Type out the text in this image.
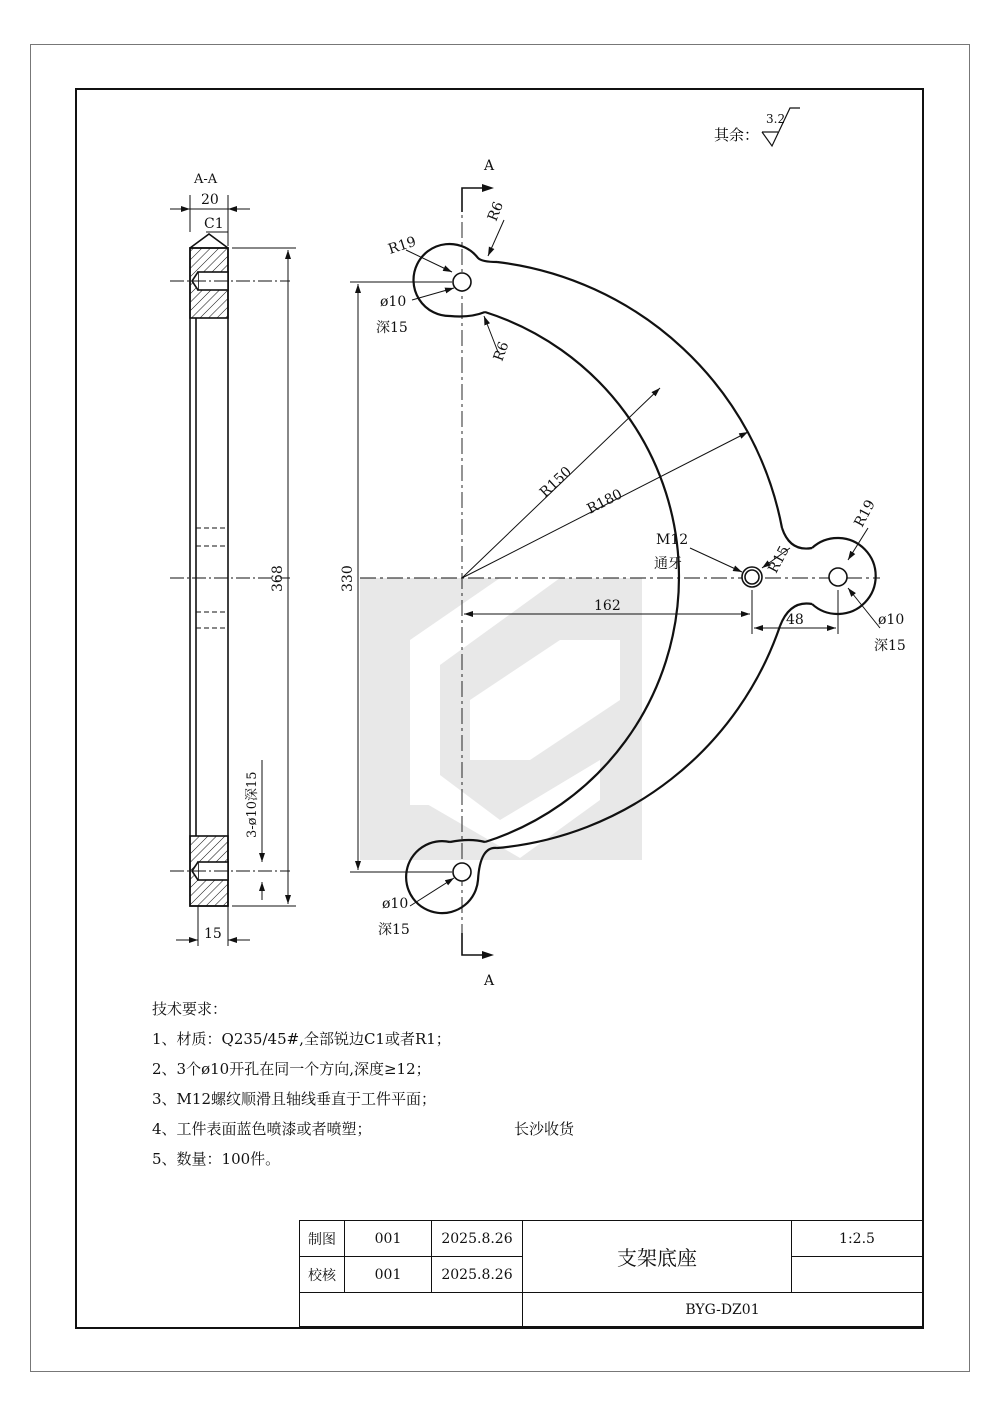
其余：
3.2
A-A
20
C1
368
3-ø10深15
15
A
A
R19
R6
ø10
深15
R6
330
R150
R180	R19
M12
通牙	R15
162
48	ø10
深15
ø10
深15
技术要求：
1、材质：Q235/45#,全部锐边C1或者R1；
2、3个ø10开孔在同一个方向,深度≥12；
3、M12螺纹顺滑且轴线垂直于工件平面；
4、工件表面蓝色喷漆或者喷塑；
5、数量：100件。
长沙收货
制图	001	2025.8.26	支架底座	1:2.5
校核	001	2025.8.26		
			BYG-DZ01	
